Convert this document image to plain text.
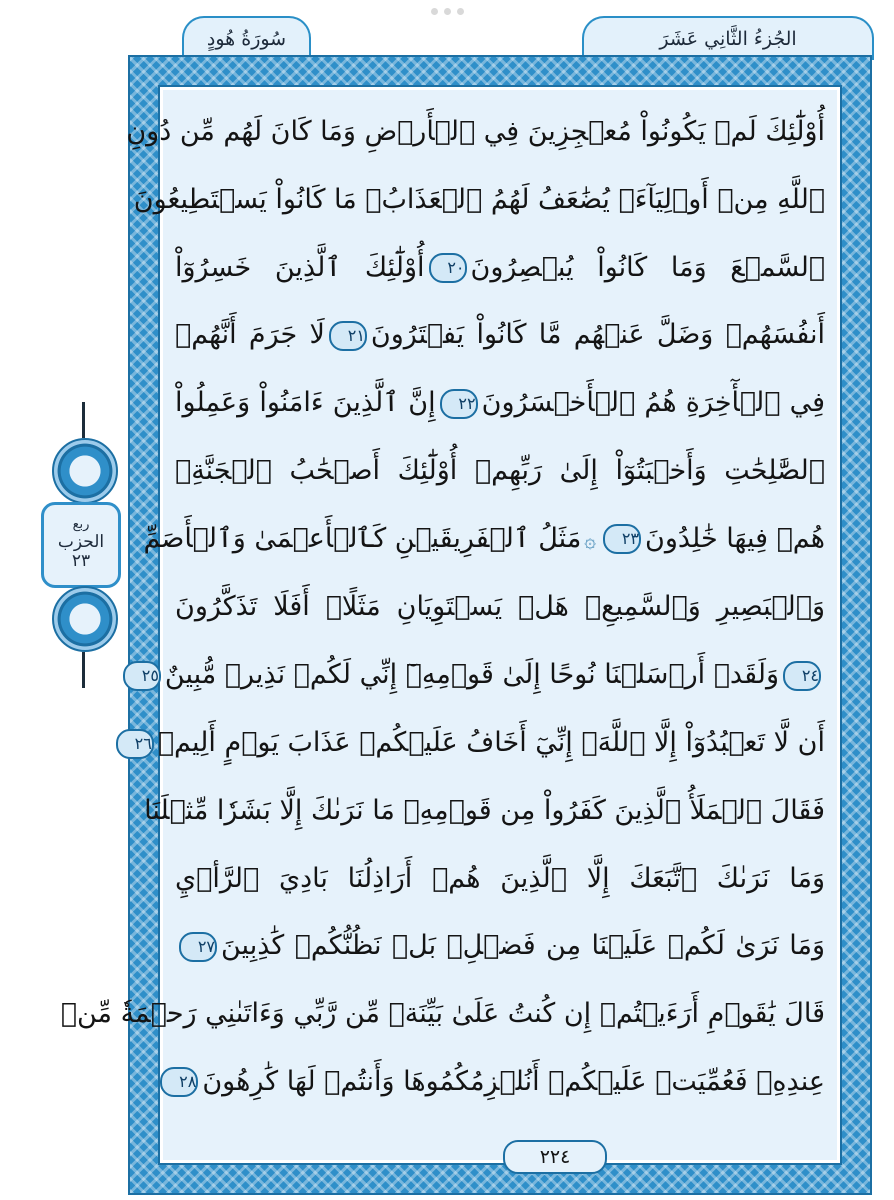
سُورَةُ هُودٍ	الجُزءُ الثَّانِي عَشَرَ
ربع
الحزب
٢٣
أُوْلَٰٓئِكَ لَمۡ يَكُونُواْ مُعۡجِزِينَ فِي ٱلۡأَرۡضِ وَمَا كَانَ لَهُم مِّن دُونِ
ٱللَّهِ مِنۡ أَوۡلِيَآءَۘ يُضَٰعَفُ لَهُمُ ٱلۡعَذَابُۚ مَا كَانُواْ يَسۡتَطِيعُونَ
ٱلسَّمۡعَ وَمَا كَانُواْ يُبۡصِرُونَ٢٠أُوْلَٰٓئِكَ ٱلَّذِينَ خَسِرُوٓاْ
أَنفُسَهُمۡ وَضَلَّ عَنۡهُم مَّا كَانُواْ يَفۡتَرُونَ٢١لَا جَرَمَ أَنَّهُمۡ
فِي ٱلۡأٓخِرَةِ هُمُ ٱلۡأَخۡسَرُونَ٢٢إِنَّ ٱلَّذِينَ ءَامَنُواْ وَعَمِلُواْ
ٱلصَّٰلِحَٰتِ وَأَخۡبَتُوٓاْ إِلَىٰ رَبِّهِمۡ أُوْلَٰٓئِكَ أَصۡحَٰبُ ٱلۡجَنَّةِۖ
هُمۡ فِيهَا خَٰلِدُونَ٢٣۞مَثَلُ ٱلۡفَرِيقَيۡنِ كَٱلۡأَعۡمَىٰ وَٱلۡأَصَمِّ
وَٱلۡبَصِيرِ وَٱلسَّمِيعِۚ هَلۡ يَسۡتَوِيَانِ مَثَلًاۚ أَفَلَا تَذَكَّرُونَ
٢٤وَلَقَدۡ أَرۡسَلۡنَا نُوحًا إِلَىٰ قَوۡمِهِۦٓ إِنِّي لَكُمۡ نَذِيرٞ مُّبِينٌ٢٥
أَن لَّا تَعۡبُدُوٓاْ إِلَّا ٱللَّهَۖ إِنِّيٓ أَخَافُ عَلَيۡكُمۡ عَذَابَ يَوۡمٍ أَلِيمٖ٢٦
فَقَالَ ٱلۡمَلَأُ ٱلَّذِينَ كَفَرُواْ مِن قَوۡمِهِۦ مَا نَرَىٰكَ إِلَّا بَشَرٗا مِّثۡلَنَا
وَمَا نَرَىٰكَ ٱتَّبَعَكَ إِلَّا ٱلَّذِينَ هُمۡ أَرَاذِلُنَا بَادِيَ ٱلرَّأۡيِ
وَمَا نَرَىٰ لَكُمۡ عَلَيۡنَا مِن فَضۡلِۢ بَلۡ نَظُنُّكُمۡ كَٰذِبِينَ٢٧
قَالَ يَٰقَوۡمِ أَرَءَيۡتُمۡ إِن كُنتُ عَلَىٰ بَيِّنَةٖ مِّن رَّبِّي وَءَاتَىٰنِي رَحۡمَةٗ مِّنۡ
عِندِهِۦ فَعُمِّيَتۡ عَلَيۡكُمۡ أَنُلۡزِمُكُمُوهَا وَأَنتُمۡ لَهَا كَٰرِهُونَ٢٨
٢٢٤
